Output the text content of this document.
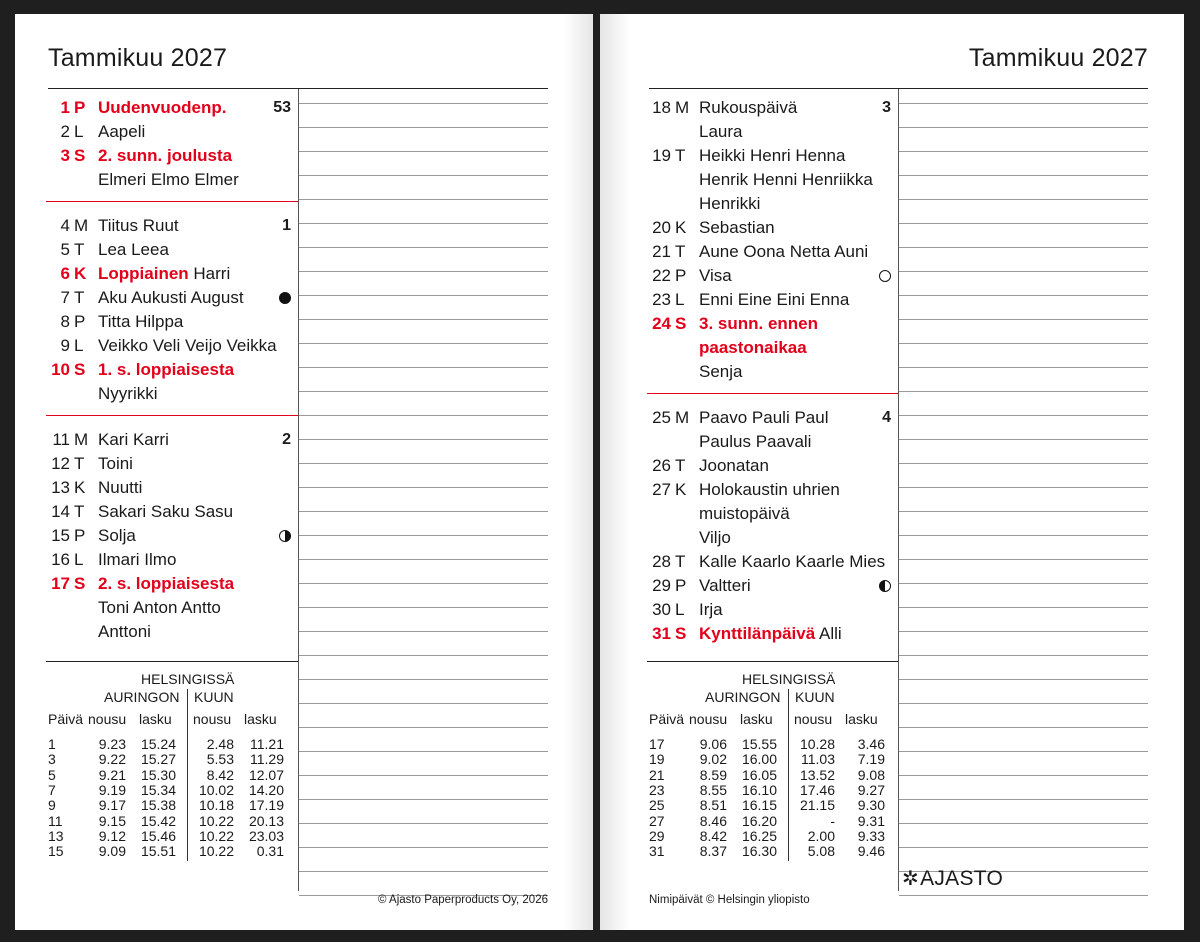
Tammikuu 2027
53
1 P Uudenvuodenp.
2 L Aapeli
3 S 2. sunn. joulusta
Elmeri Elmo Elmer
1
4 M Tiitus Ruut
5 T Lea Leea
6 K Loppiainen Harri
7 T Aku Aukusti August
8 P Titta Hilppa
9 L Veikko Veli Veijo Veikka
10 S 1. s. loppiaisesta
Nyyrikki
2
11 M Kari Karri
12 T Toini
13 K Nuutti
14 T Sakari Saku Sasu
15 P Solja
16 L Ilmari Ilmo
17 S 2. s. loppiaisesta
Toni Anton Antto
Anttoni
HELSINGISSÄ
AURINGON KUUN
Päivä nousu lasku nousu lasku
1	9.23 15.24 2.48 11.21
3	9.22 15.27 5.53 11.29
5	9.21 15.30 8.42 12.07
7	9.19 15.34 10.02 14.20
9	9.17 15.38 10.18 17.19
11	9.15 15.42 10.22 20.13
13	9.12 15.46 10.22 23.03
15	9.09 15.51 10.22 0.31
© Ajasto Paperproducts Oy, 2026
Tammikuu 2027
3
18 M Rukouspäivä
Laura
19 T Heikki Henri Henna
Henrik Henni Henriikka
Henrikki
20 K Sebastian
21 T Aune Oona Netta Auni
22 P Visa
23 L Enni Eine Eini Enna
24 S 3. sunn. ennen
paastonaikaa
Senja
4
25 M Paavo Pauli Paul
Paulus Paavali
26 T Joonatan
27 K Holokaustin uhrien
muistopäivä
Viljo
28 T Kalle Kaarlo Kaarle Mies
29 P Valtteri
30 L Irja
31 S Kynttilänpäivä Alli
HELSINGISSÄ
AURINGON KUUN
Päivä nousu lasku nousu lasku
17	9.06 15.55 10.28 3.46
19	9.02 16.00 11.03 7.19
21	8.59 16.05 13.52 9.08
23	8.55 16.10 17.46 9.27
25	8.51 16.15 21.15 9.30
27	8.46 16.20	- 9.31
29	8.42 16.25 2.00 9.33
31	8.37 16.30 5.08 9.46
✲AJASTO
Nimipäivät © Helsingin yliopisto
